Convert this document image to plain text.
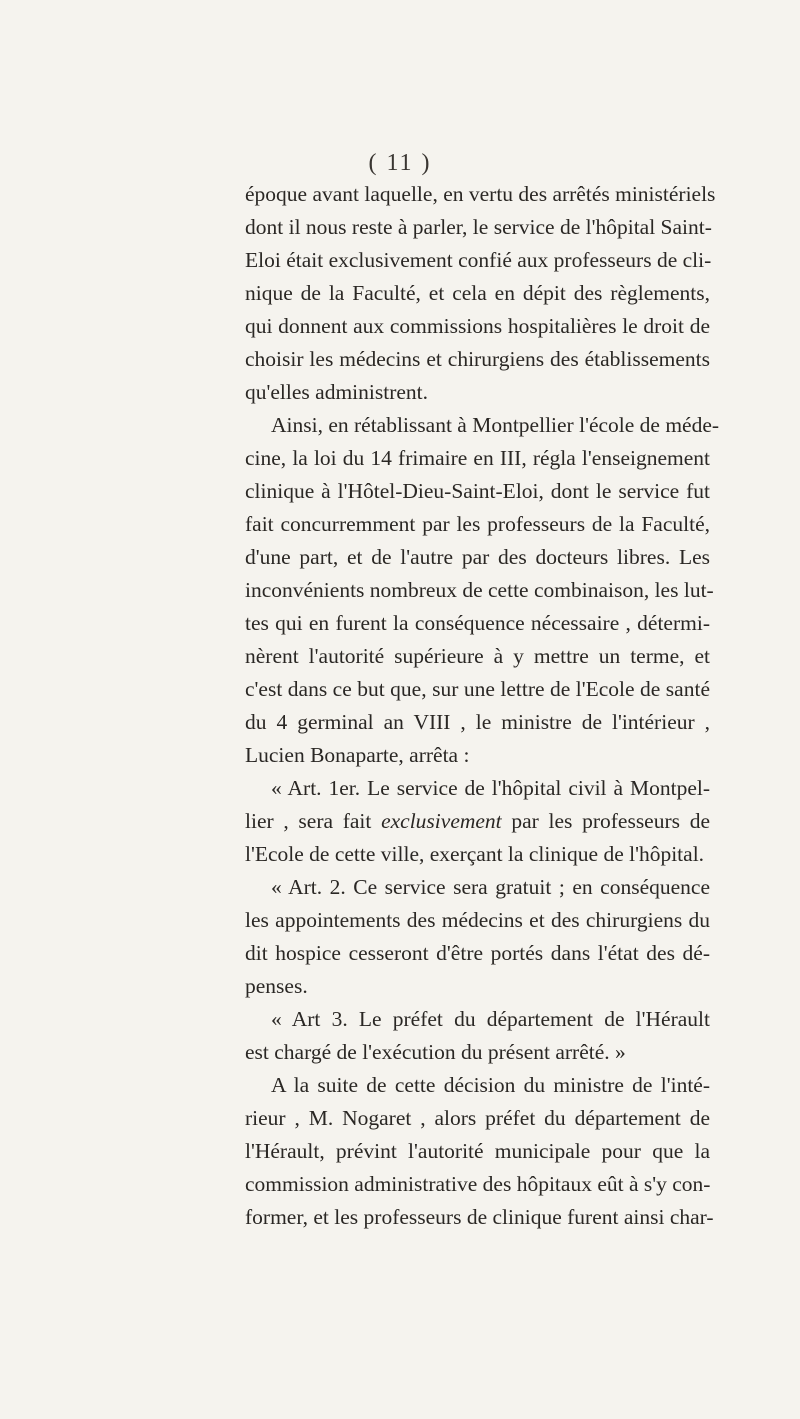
( 11 )
époque avant laquelle, en vertu des arrêtés ministériels
dont il nous reste à parler, le service de l'hôpital Saint-
Eloi était exclusivement confié aux professeurs de cli-
nique de la Faculté, et cela en dépit des règlements,
qui donnent aux commissions hospitalières le droit de
choisir les médecins et chirurgiens des établissements
qu'elles administrent.
Ainsi, en rétablissant à Montpellier l'école de méde-
cine, la loi du 14 frimaire en III, régla l'enseignement
clinique à l'Hôtel-Dieu-Saint-Eloi, dont le service fut
fait concurremment par les professeurs de la Faculté,
d'une part, et de l'autre par des docteurs libres. Les
inconvénients nombreux de cette combinaison, les lut-
tes qui en furent la conséquence nécessaire , détermi-
nèrent l'autorité supérieure à y mettre un terme, et
c'est dans ce but que, sur une lettre de l'Ecole de santé
du 4 germinal an VIII , le ministre de l'intérieur ,
Lucien Bonaparte, arrêta :
« Art. 1er. Le service de l'hôpital civil à Montpel-
lier , sera fait exclusivement par les professeurs de
l'Ecole de cette ville, exerçant la clinique de l'hôpital.
« Art. 2. Ce service sera gratuit ; en conséquence
les appointements des médecins et des chirurgiens du
dit hospice cesseront d'être portés dans l'état des dé-
penses.
« Art 3. Le préfet du département de l'Hérault
est chargé de l'exécution du présent arrêté. »
A la suite de cette décision du ministre de l'inté-
rieur , M. Nogaret , alors préfet du département de
l'Hérault, prévint l'autorité municipale pour que la
commission administrative des hôpitaux eût à s'y con-
former, et les professeurs de clinique furent ainsi char-
